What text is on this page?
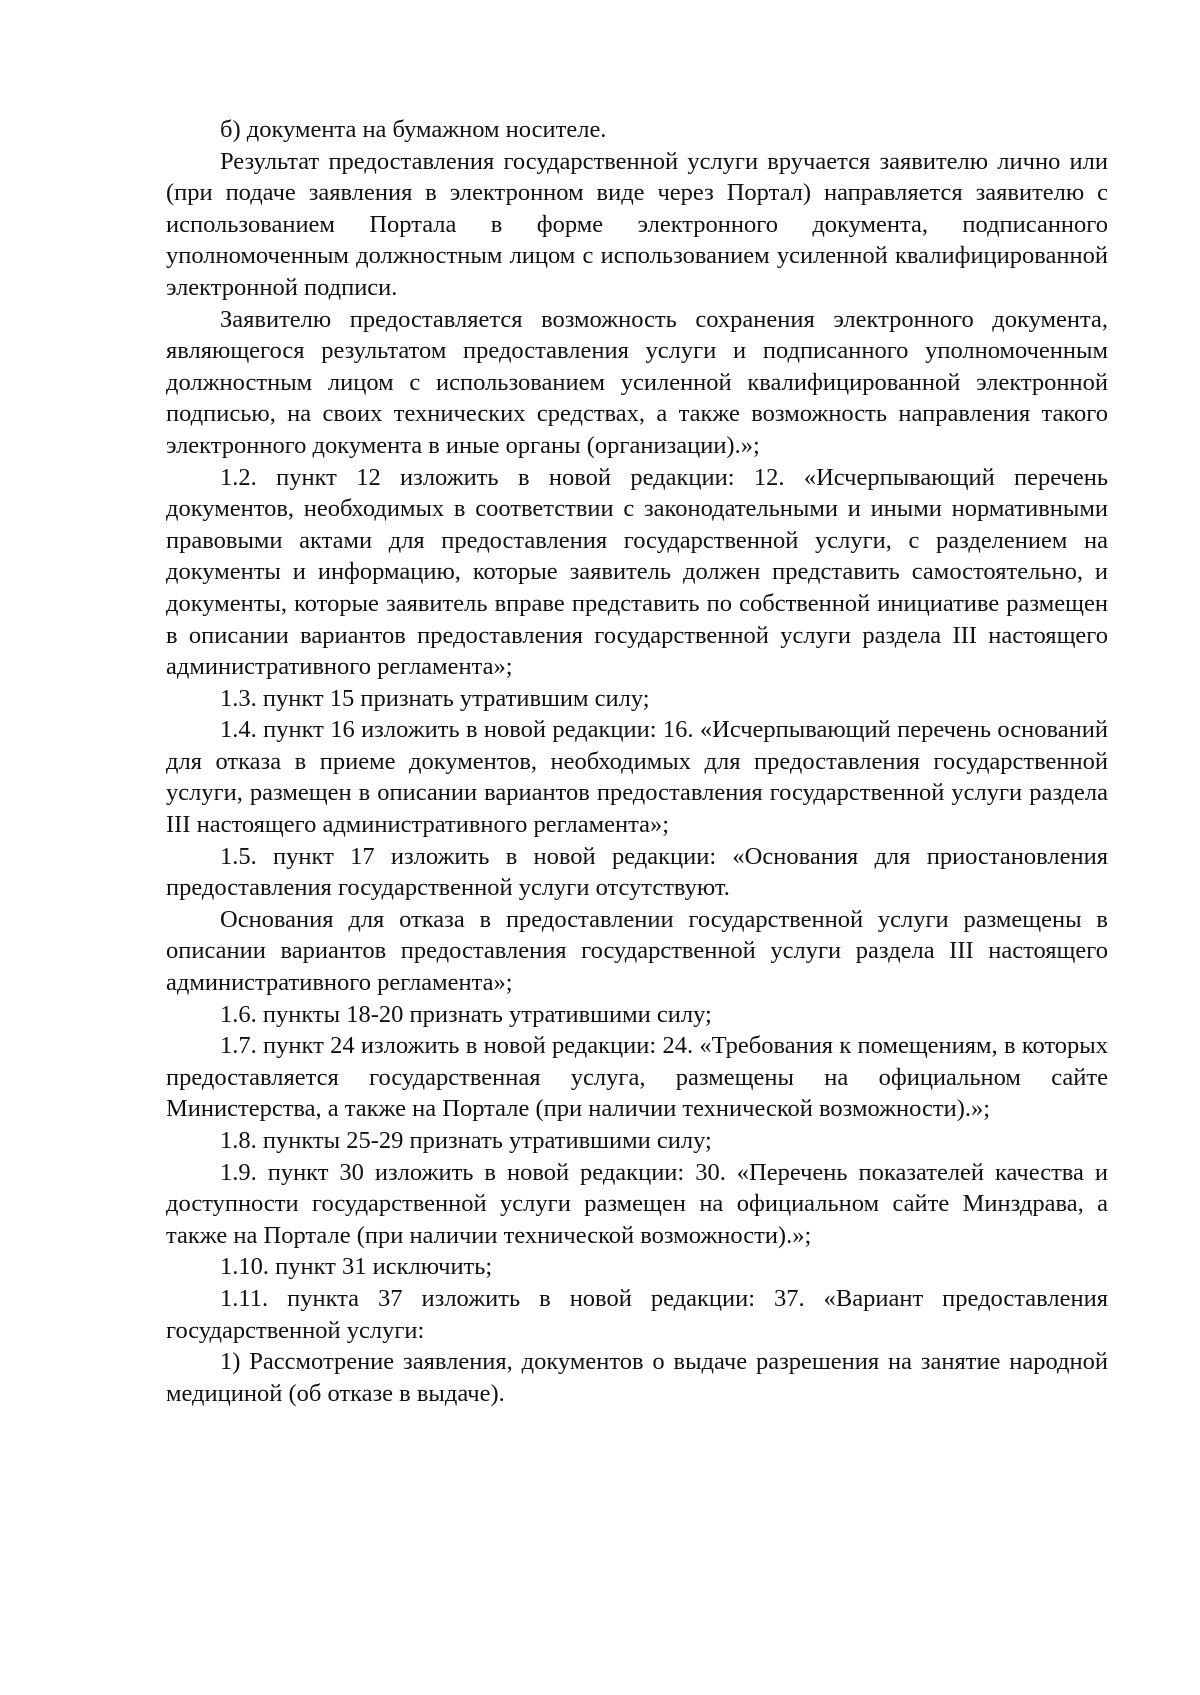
б) документа на бумажном носителе.

Результат предоставления государственной услуги вручается заявителю лично или (при подаче заявления в электронном виде через Портал) направляется заявителю с использованием Портала в форме электронного документа, подписанного уполномоченным должностным лицом с использованием усиленной квалифицированной электронной подписи.

Заявителю предоставляется возможность сохранения электронного документа, являющегося результатом предоставления услуги и подписанного уполномоченным должностным лицом с использованием усиленной квалифицированной электронной подписью, на своих технических средствах, а также возможность направления такого электронного документа в иные органы (организации).»;

1.2. пункт 12 изложить в новой редакции: 12. «Исчерпывающий перечень документов, необходимых в соответствии с законодательными и иными нормативными правовыми актами для предоставления государственной услуги, с разделением на документы и информацию, которые заявитель должен представить самостоятельно, и документы, которые заявитель вправе представить по собственной инициативе размещен в описании вариантов предоставления государственной услуги раздела III настоящего административного регламента»;

1.3. пункт 15 признать утратившим силу;

1.4. пункт 16 изложить в новой редакции: 16. «Исчерпывающий перечень оснований для отказа в приеме документов, необходимых для предоставления государственной услуги, размещен в описании вариантов предоставления государственной услуги раздела III настоящего административного регламента»;

1.5. пункт 17 изложить в новой редакции: «Основания для приостановления предоставления государственной услуги отсутствуют.

Основания для отказа в предоставлении государственной услуги размещены в описании вариантов предоставления государственной услуги раздела III настоящего административного регламента»;

1.6. пункты 18-20 признать утратившими силу;

1.7. пункт 24 изложить в новой редакции: 24. «Требования к помещениям, в которых предоставляется государственная услуга, размещены на официальном сайте Министерства, а также на Портале (при наличии технической возможности).»;

1.8. пункты 25-29 признать утратившими силу;

1.9. пункт 30 изложить в новой редакции: 30. «Перечень показателей качества и доступности государственной услуги размещен на официальном сайте Минздрава, а также на Портале (при наличии технической возможности).»;

1.10. пункт 31 исключить;

1.11. пункта 37 изложить в новой редакции: 37. «Вариант предоставления государственной услуги:

1) Рассмотрение заявления, документов о выдаче разрешения на занятие народной медициной (об отказе в выдаче).
